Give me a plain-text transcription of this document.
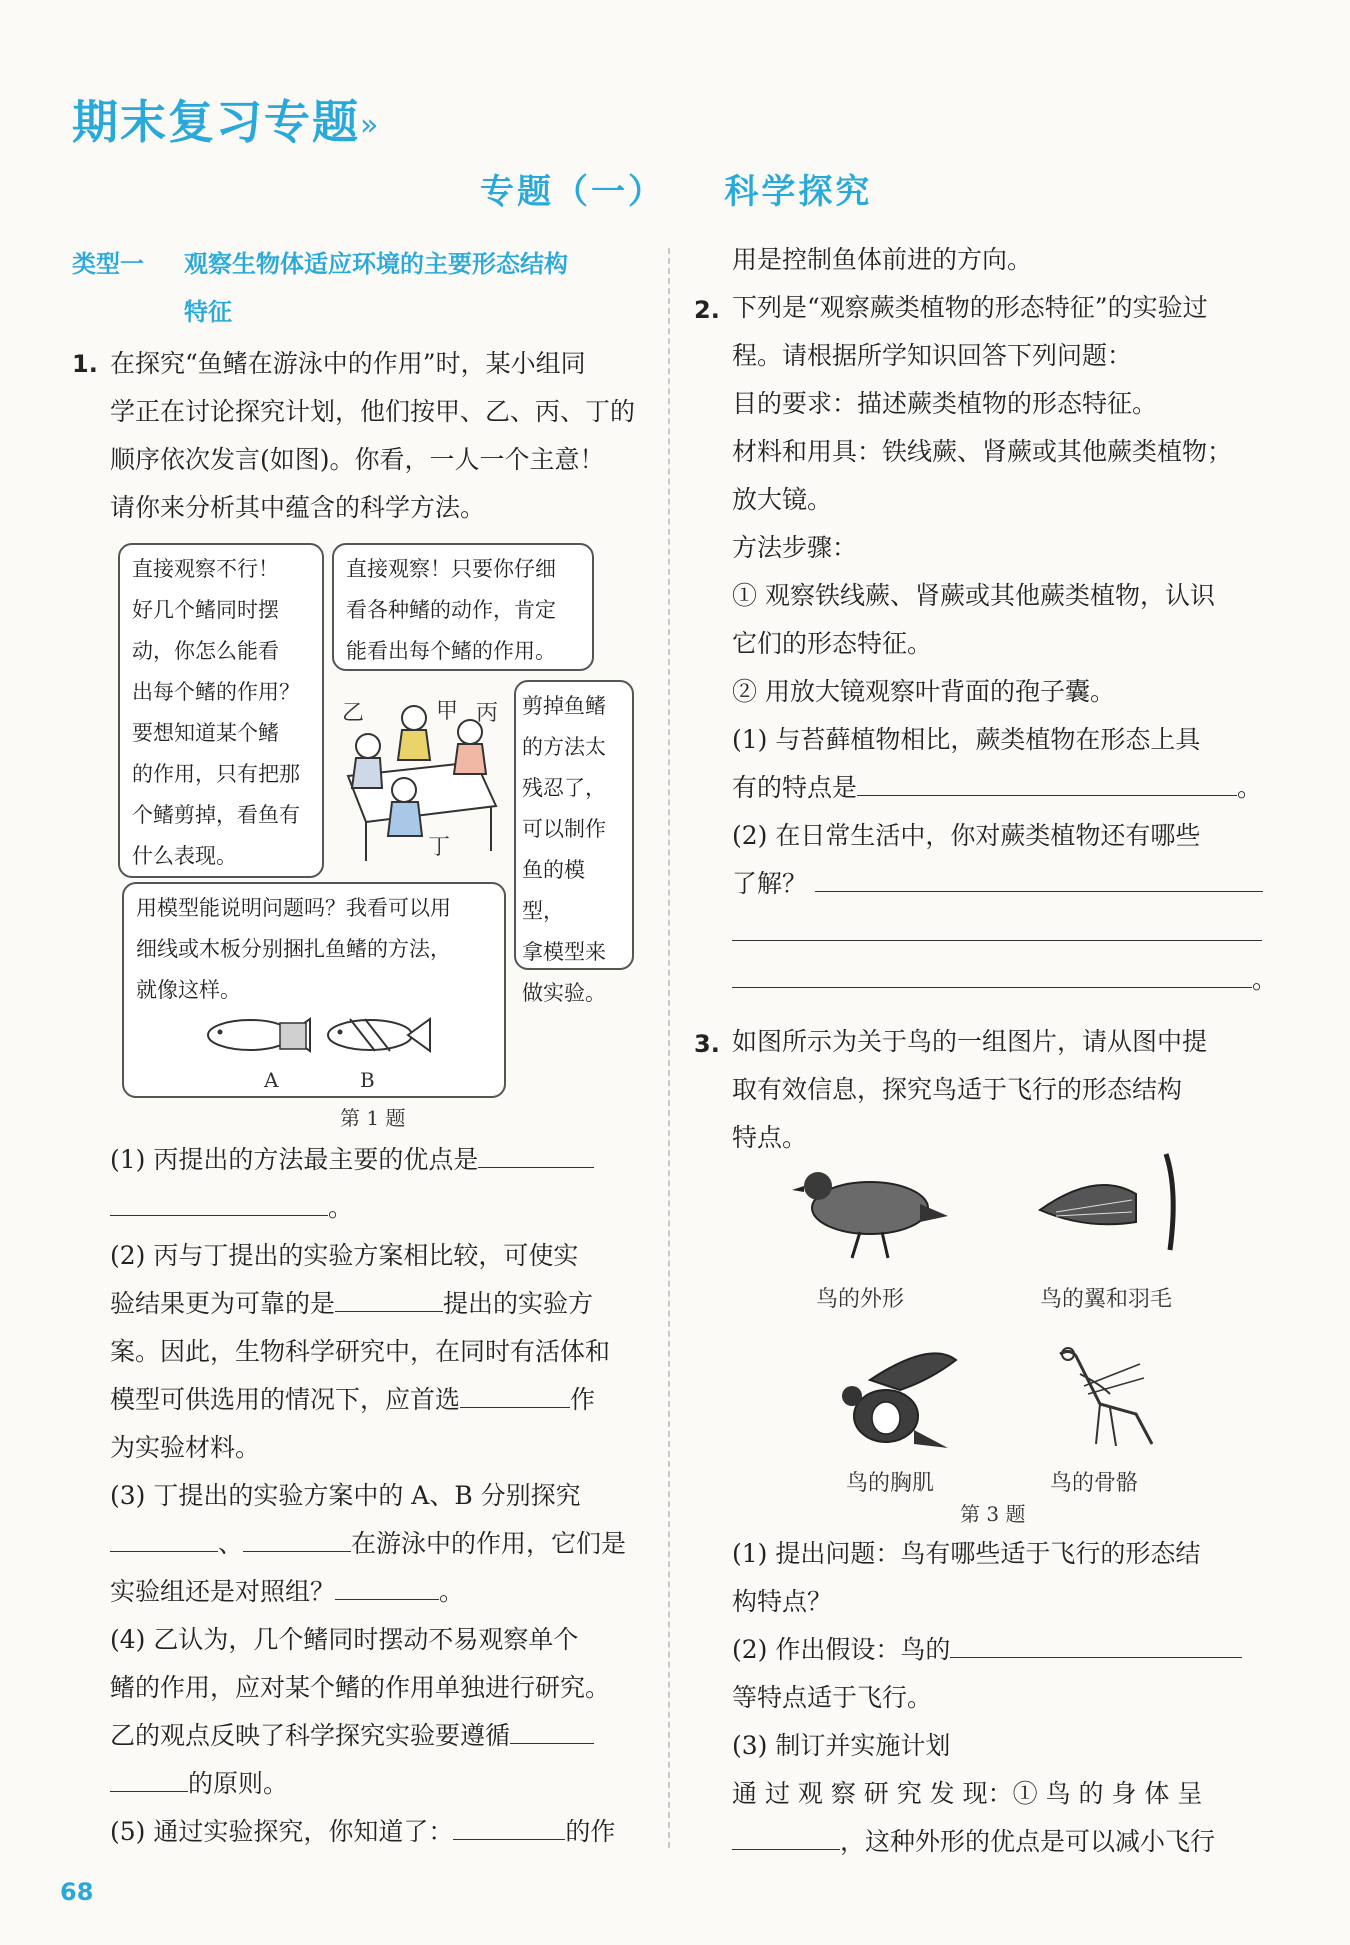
期末复习专题 »
专题（一） 科学探究
类型一 观察生物体适应环境的主要形态结构
特征
1. 在探究“鱼鳍在游泳中的作用”时，某小组同
学正在讨论探究计划，他们按甲、乙、丙、丁的
顺序依次发言(如图)。你看，一人一个主意！
请你来分析其中蕴含的科学方法。
直接观察不行！
好几个鳍同时摆
动，你怎么能看
出每个鳍的作用？
要想知道某个鳍
的作用，只有把那
个鳍剪掉，看鱼有
什么表现。
直接观察！只要你仔细
看各种鳍的动作，肯定
能看出每个鳍的作用。
剪掉鱼鳍
的方法太
残忍了，
可以制作
鱼的模型，
拿模型来
做实验。
用模型能说明问题吗？我看可以用
细线或木板分别捆扎鱼鳍的方法，
就像这样。
乙	甲 丙
丁
A	B
第 1 题
(1) 丙提出的方法最主要的优点是
。
(2) 丙与丁提出的实验方案相比较，可使实
验结果更为可靠的是	提出的实验方
案。因此，生物科学研究中，在同时有活体和
模型可供选用的情况下，应首选	作
为实验材料。
(3) 丁提出的实验方案中的 A、B 分别探究
、	在游泳中的作用，它们是
实验组还是对照组？	。
(4) 乙认为，几个鳍同时摆动不易观察单个
鳍的作用，应对某个鳍的作用单独进行研究。
乙的观点反映了科学探究实验要遵循
的原则。
(5) 通过实验探究，你知道了：	的作
68
用是控制鱼体前进的方向。
2. 下列是“观察蕨类植物的形态特征”的实验过
程。请根据所学知识回答下列问题：
目的要求：描述蕨类植物的形态特征。
材料和用具：铁线蕨、肾蕨或其他蕨类植物；
放大镜。
方法步骤：
① 观察铁线蕨、肾蕨或其他蕨类植物，认识
它们的形态特征。
② 用放大镜观察叶背面的孢子囊。
(1) 与苔藓植物相比，蕨类植物在形态上具
有的特点是	。
(2) 在日常生活中，你对蕨类植物还有哪些
了解？
。
3. 如图所示为关于鸟的一组图片，请从图中提
取有效信息，探究鸟适于飞行的形态结构
特点。
鸟的外形	鸟的翼和羽毛
鸟的胸肌	鸟的骨骼
第 3 题
(1) 提出问题：鸟有哪些适于飞行的形态结
构特点？
(2) 作出假设：鸟的
等特点适于飞行。
(3) 制订并实施计划
通 过 观 察 研 究 发 现：① 鸟 的 身 体 呈
，这种外形的优点是可以减小飞行
